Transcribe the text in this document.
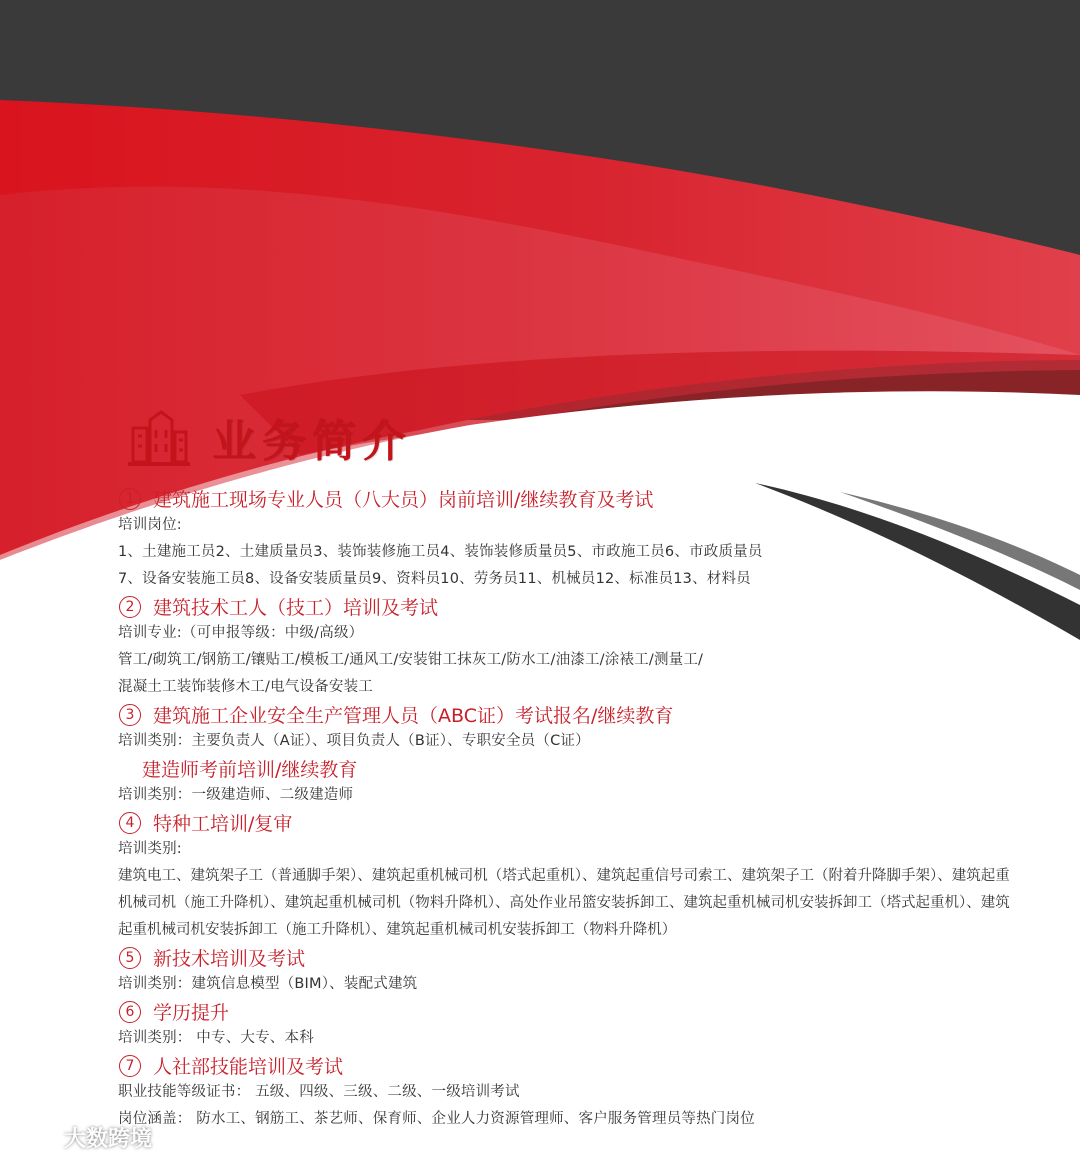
业务简介
1 建筑施工现场专业人员（八大员）岗前培训/继续教育及考试
培训岗位:
1、土建施工员2、土建质量员3、装饰装修施工员4、装饰装修质量员5、市政施工员6、市政质量员
7、设备安装施工员8、设备安装质量员9、资料员10、劳务员11、机械员12、标准员13、材料员
2 建筑技术工人（技工）培训及考试
培训专业:（可申报等级：中级/高级）
管工/砌筑工/钢筋工/镶贴工/模板工/通风工/安装钳工抹灰工/防水工/油漆工/涂裱工/测量工/
混凝土工装饰装修木工/电气设备安装工
3 建筑施工企业安全生产管理人员（ABC证）考试报名/继续教育
培训类别：主要负责人（A证）、项目负责人（B证）、专职安全员（C证）
建造师考前培训/继续教育
培训类别：一级建造师、二级建造师
4 特种工培训/复审
培训类别:
建筑电工、建筑架子工（普通脚手架）、建筑起重机械司机（塔式起重机）、建筑起重信号司索工、建筑架子工（附着升降脚手架）、建筑起重机械司机（施工升降机）、建筑起重机械司机（物料升降机）、高处作业吊篮安装拆卸工、建筑起重机械司机安装拆卸工（塔式起重机）、建筑起重机械司机安装拆卸工（施工升降机）、建筑起重机械司机安装拆卸工（物料升降机）
5 新技术培训及考试
培训类别：建筑信息模型（BIM）、装配式建筑
6 学历提升
培训类别： 中专、大专、本科
7 人社部技能培训及考试
职业技能等级证书： 五级、四级、三级、二级、一级培训考试
岗位涵盖： 防水工、钢筋工、茶艺师、保育师、企业人力资源管理师、客户服务管理员等热门岗位
大数跨境
